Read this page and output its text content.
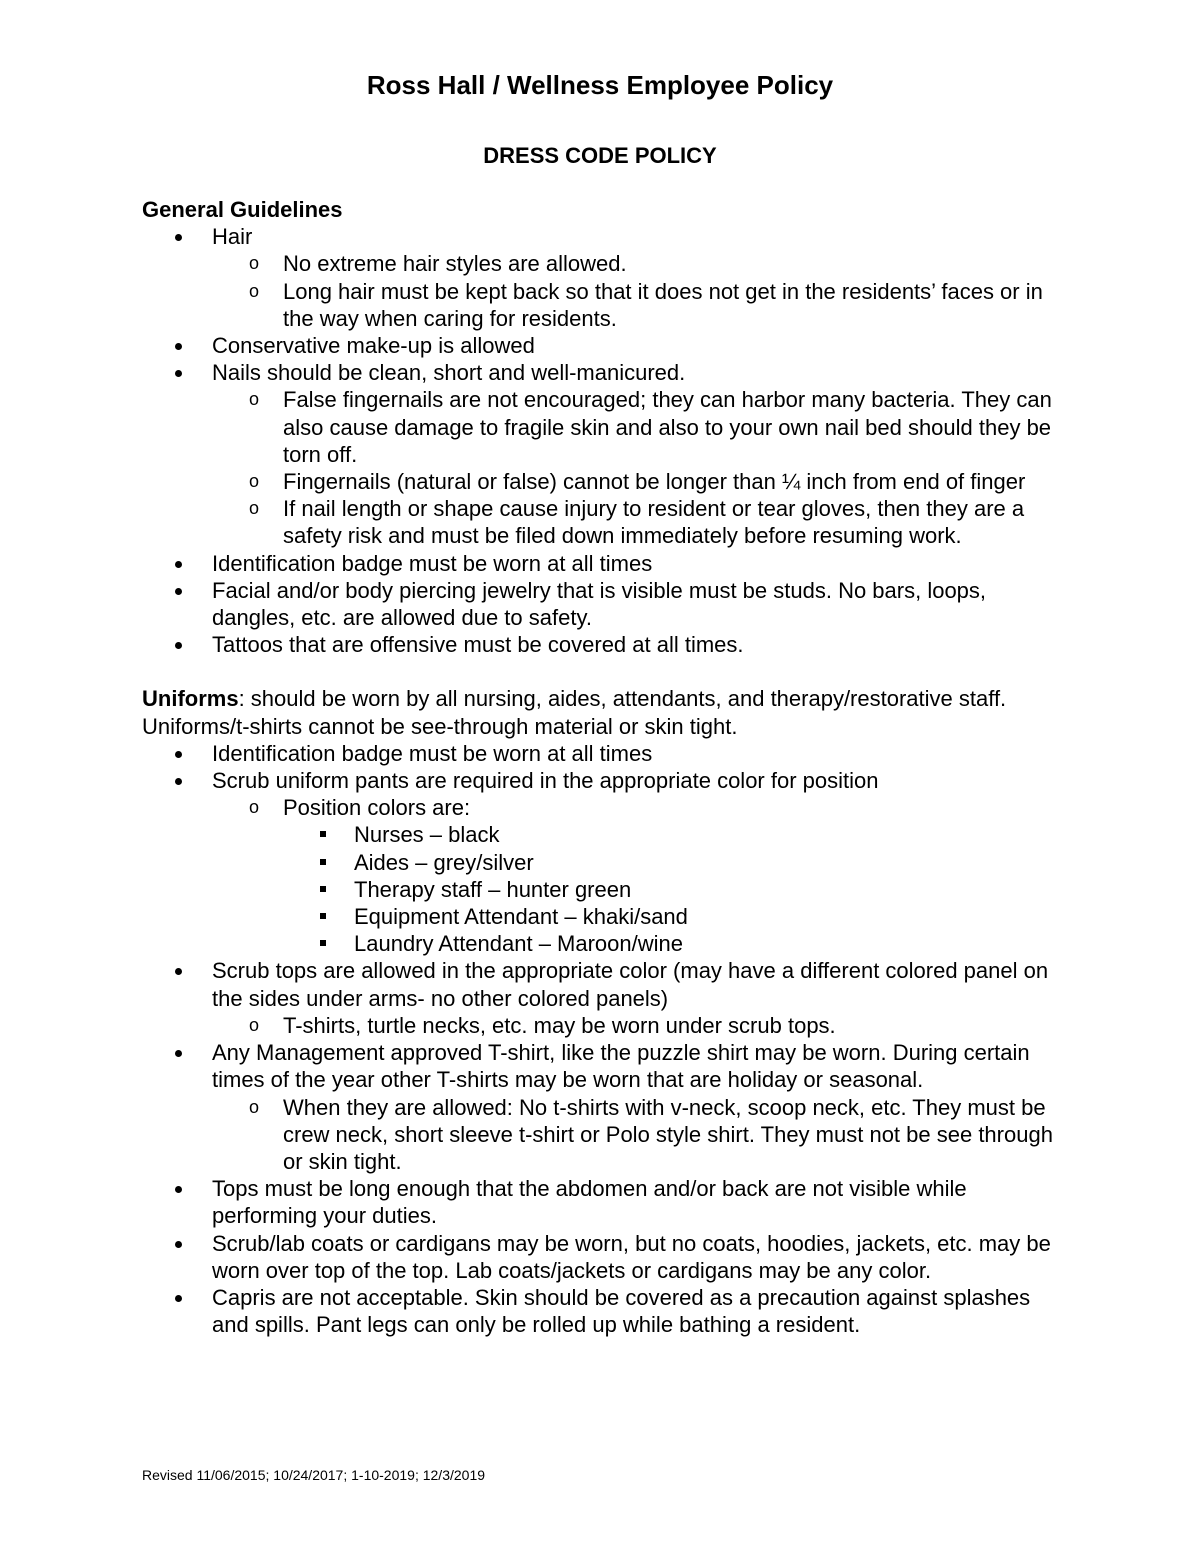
Ross Hall / Wellness Employee Policy
DRESS CODE POLICY

General Guidelines

Hair
o No extreme hair styles are allowed.
o Long hair must be kept back so that it does not get in the residents’ faces or in the way when caring for residents.
Conservative make-up is allowed
Nails should be clean, short and well-manicured.
o False fingernails are not encouraged; they can harbor many bacteria. They can also cause damage to fragile skin and also to your own nail bed should they be torn off.
o Fingernails (natural or false) cannot be longer than ¼ inch from end of finger
o If nail length or shape cause injury to resident or tear gloves, then they are a safety risk and must be filed down immediately before resuming work.
Identification badge must be worn at all times
Facial and/or body piercing jewelry that is visible must be studs. No bars, loops, dangles, etc. are allowed due to safety.
Tattoos that are offensive must be covered at all times.

Uniforms: should be worn by all nursing, aides, attendants, and therapy/restorative staff. Uniforms/t-shirts cannot be see-through material or skin tight.

Identification badge must be worn at all times
Scrub uniform pants are required in the appropriate color for position
o Position colors are:
Nurses – black
Aides – grey/silver
Therapy staff – hunter green
Equipment Attendant – khaki/sand
Laundry Attendant – Maroon/wine
Scrub tops are allowed in the appropriate color (may have a different colored panel on the sides under arms- no other colored panels)
o T-shirts, turtle necks, etc. may be worn under scrub tops.
Any Management approved T-shirt, like the puzzle shirt may be worn. During certain times of the year other T-shirts may be worn that are holiday or seasonal.
o When they are allowed: No t-shirts with v-neck, scoop neck, etc. They must be crew neck, short sleeve t-shirt or Polo style shirt. They must not be see through or skin tight.
Tops must be long enough that the abdomen and/or back are not visible while performing your duties.
Scrub/lab coats or cardigans may be worn, but no coats, hoodies, jackets, etc. may be worn over top of the top. Lab coats/jackets or cardigans may be any color.
Capris are not acceptable. Skin should be covered as a precaution against splashes and spills. Pant legs can only be rolled up while bathing a resident.

Revised 11/06/2015; 10/24/2017; 1-10-2019; 12/3/2019
